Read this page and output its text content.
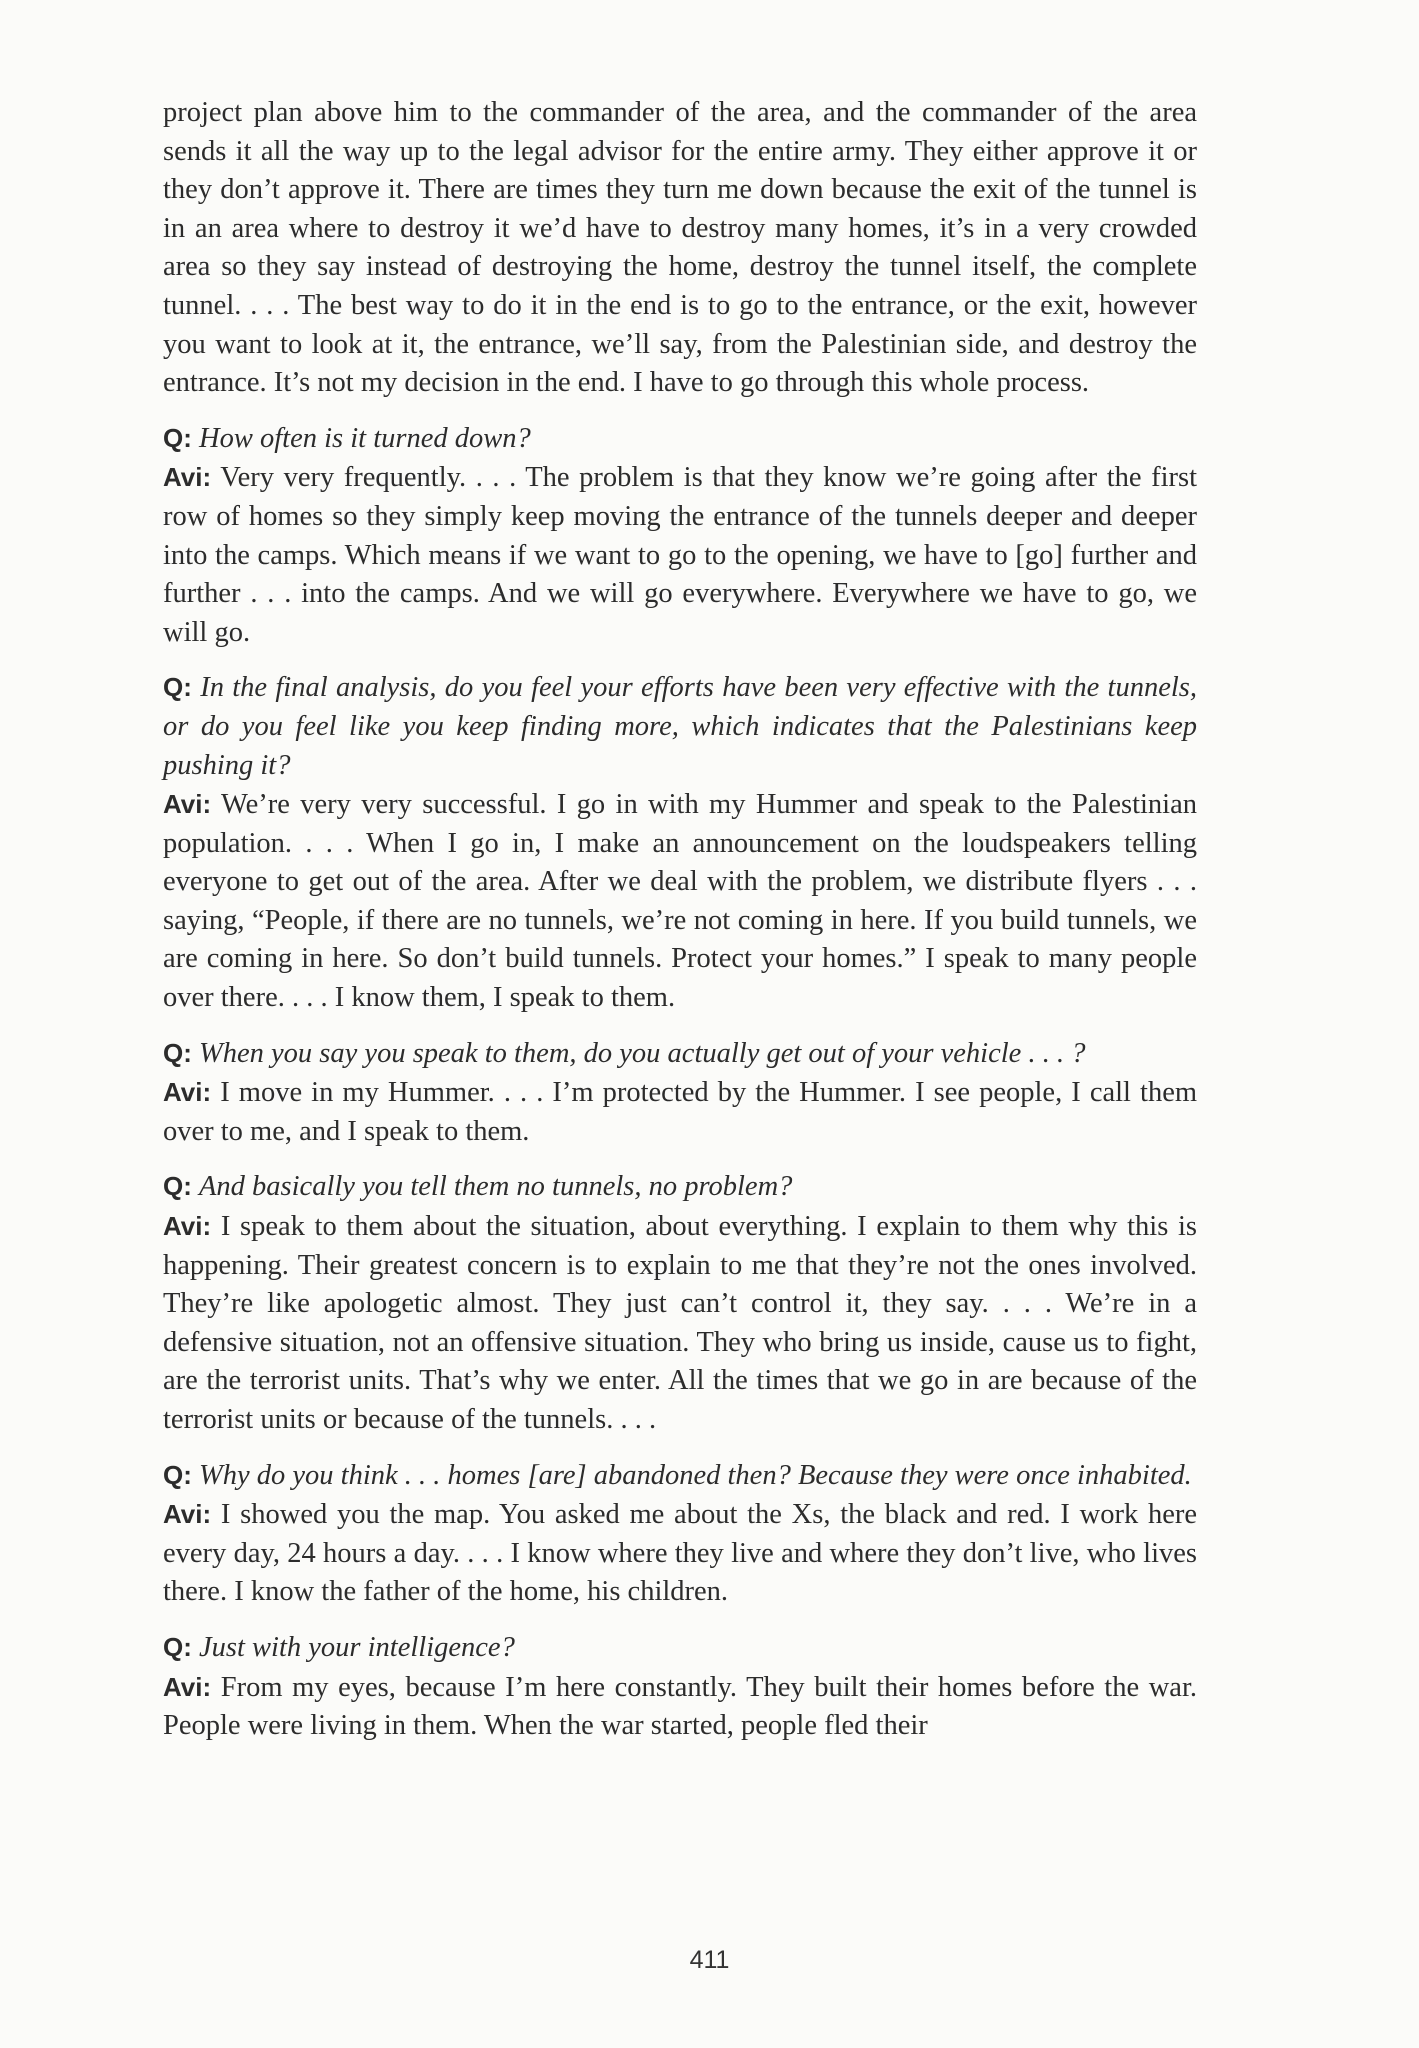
project plan above him to the commander of the area, and the commander of the area sends it all the way up to the legal advisor for the entire army. They either approve it or they don’t approve it. There are times they turn me down because the exit of the tunnel is in an area where to destroy it we’d have to destroy many homes, it’s in a very crowded area so they say instead of destroying the home, destroy the tunnel itself, the complete tunnel. . . . The best way to do it in the end is to go to the entrance, or the exit, however you want to look at it, the entrance, we’ll say, from the Palestinian side, and destroy the entrance. It’s not my decision in the end. I have to go through this whole process.

Q: How often is it turned down?

Avi: Very very frequently. . . . The problem is that they know we’re going after the first row of homes so they simply keep moving the entrance of the tunnels deeper and deeper into the camps. Which means if we want to go to the opening, we have to [go] further and further . . . into the camps. And we will go everywhere. Everywhere we have to go, we will go.

Q: In the final analysis, do you feel your efforts have been very effective with the tunnels, or do you feel like you keep finding more, which indicates that the Palestinians keep pushing it?

Avi: We’re very very successful. I go in with my Hummer and speak to the Palestinian population. . . . When I go in, I make an announcement on the loudspeakers telling everyone to get out of the area. After we deal with the problem, we distribute flyers . . . saying, “People, if there are no tunnels, we’re not coming in here. If you build tunnels, we are coming in here. So don’t build tunnels. Protect your homes.” I speak to many people over there. . . . I know them, I speak to them.

Q: When you say you speak to them, do you actually get out of your vehicle . . . ?

Avi: I move in my Hummer. . . . I’m protected by the Hummer. I see people, I call them over to me, and I speak to them.

Q: And basically you tell them no tunnels, no problem?

Avi: I speak to them about the situation, about everything. I explain to them why this is happening. Their greatest concern is to explain to me that they’re not the ones involved. They’re like apologetic almost. They just can’t control it, they say. . . . We’re in a defensive situation, not an offensive situation. They who bring us inside, cause us to fight, are the terrorist units. That’s why we enter. All the times that we go in are because of the terrorist units or because of the tunnels. . . .

Q: Why do you think . . . homes [are] abandoned then? Because they were once inhabited.

Avi: I showed you the map. You asked me about the Xs, the black and red. I work here every day, 24 hours a day. . . . I know where they live and where they don’t live, who lives there. I know the father of the home, his children.

Q: Just with your intelligence?

Avi: From my eyes, because I’m here constantly. They built their homes before the war. People were living in them. When the war started, people fled their

411
